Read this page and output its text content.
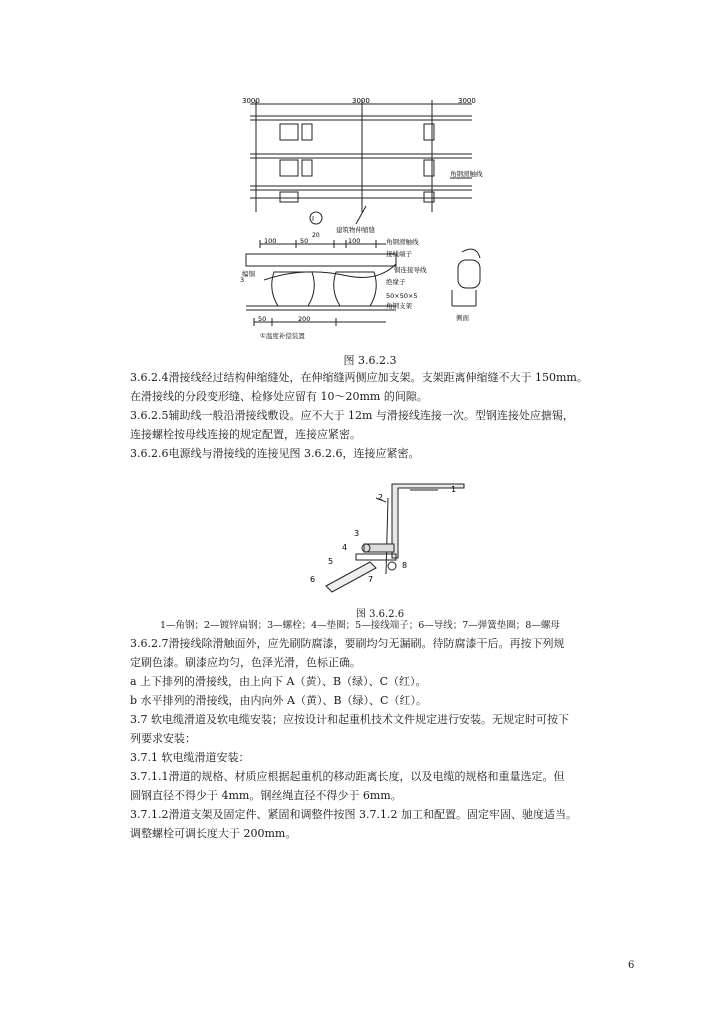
3000	3000	3000
角钢滑触线
建筑物伸缩缝
I
100
20
50	100	角钢滑触线
接线端子
铜连接导线
绝缘子
50×50×5
角钢支架
编铜
3
50	200
①温度补偿装置
侧面
图 3.6.2.3

3.6.2.4滑接线经过结构伸缩缝处，在伸缩缝两侧应加支架。支架距离伸缩缝不大于 150mm。

在滑接线的分段变形缝、检修处应留有 10～20mm 的间隙。

3.6.2.5辅助线一般沿滑接线敷设。应不大于 12m 与滑接线连接一次。型钢连接处应搪锡，

连接螺栓按母线连接的规定配置，连接应紧密。

3.6.2.6电源线与滑接线的连接见图 3.6.2.6，连接应紧密。

1
2
3
4
5
6	7
8
图 3.6.2.6
1—角钢；2—镀锌扁钢；3—螺栓；4—垫圈；5—接线端子；6—导线；7—弹簧垫圈；8—螺母

3.6.2.7滑接线除滑触面外，应先刷防腐漆，要刷均匀无漏刷。待防腐漆干后。再按下列规

定刷色漆。刷漆应均匀，色泽光滑，色标正确。

a 上下排列的滑接线，由上向下 A（黄）、B（绿）、C（红）。

b 水平排列的滑接线，由内向外 A（黄）、B（绿）、C（红）。

3.7 软电缆滑道及软电缆安装；应按设计和起重机技术文件规定进行安装。无规定时可按下

列要求安装：

3.7.1 软电缆滑道安装：

3.7.1.1滑道的规格、材质应根据起重机的移动距离长度，以及电缆的规格和重量选定。但

圆钢直径不得少于 4mm。钢丝绳直径不得少于 6mm。

3.7.1.2滑道支架及固定件、紧固和调整件按图 3.7.1.2 加工和配置。固定牢固、驰度适当。

调整螺栓可调长度大于 200mm。

6
